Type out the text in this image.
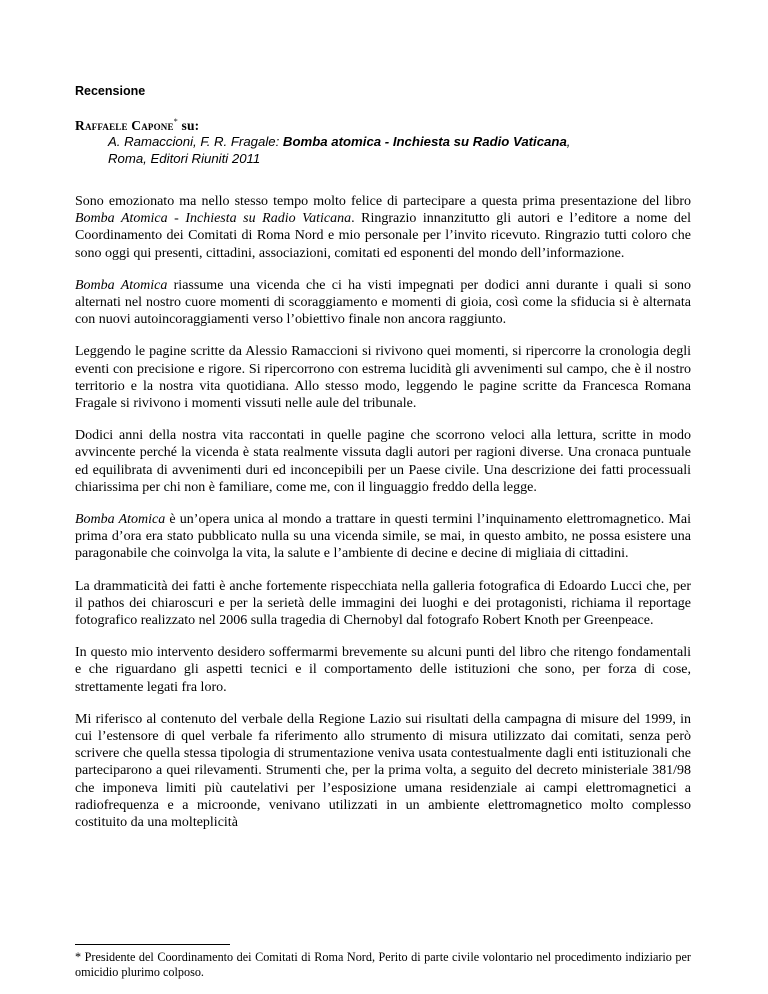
Recensione
Raffaele Capone* su:
A. Ramaccioni, F. R. Fragale: Bomba atomica - Inchiesta su Radio Vaticana,
Roma, Editori Riuniti 2011

Sono emozionato ma nello stesso tempo molto felice di partecipare a questa prima presentazione del libro Bomba Atomica - Inchiesta su Radio Vaticana. Ringrazio innanzitutto gli autori e l’editore a nome del Coordinamento dei Comitati di Roma Nord e mio personale per l’invito ricevuto. Ringrazio tutti coloro che sono oggi qui presenti, cittadini, associazioni, comitati ed esponenti del mondo dell’informazione.

Bomba Atomica riassume una vicenda che ci ha visti impegnati per dodici anni durante i quali si sono alternati nel nostro cuore momenti di scoraggiamento e momenti di gioia, così come la sfiducia si è alternata con nuovi autoincoraggiamenti verso l’obiettivo finale non ancora raggiunto.

Leggendo le pagine scritte da Alessio Ramaccioni si rivivono quei momenti, si ripercorre la cronologia degli eventi con precisione e rigore. Si ripercorrono con estrema lucidità gli avvenimenti sul campo, che è il nostro territorio e la nostra vita quotidiana. Allo stesso modo, leggendo le pagine scritte da Francesca Romana Fragale si rivivono i momenti vissuti nelle aule del tribunale.

Dodici anni della nostra vita raccontati in quelle pagine che scorrono veloci alla lettura, scritte in modo avvincente perché la vicenda è stata realmente vissuta dagli autori per ragioni diverse. Una cronaca puntuale ed equilibrata di avvenimenti duri ed inconcepibili per un Paese civile. Una descrizione dei fatti processuali chiarissima per chi non è familiare, come me, con il linguaggio freddo della legge.

Bomba Atomica è un’opera unica al mondo a trattare in questi termini l’inquinamento elettromagnetico. Mai prima d’ora era stato pubblicato nulla su una vicenda simile, se mai, in questo ambito, ne possa esistere una paragonabile che coinvolga la vita, la salute e l’ambiente di decine e decine di migliaia di cittadini.

La drammaticità dei fatti è anche fortemente rispecchiata nella galleria fotografica di Edoardo Lucci che, per il pathos dei chiaroscuri e per la serietà delle immagini dei luoghi e dei protagonisti, richiama il reportage fotografico realizzato nel 2006 sulla tragedia di Chernobyl dal fotografo Robert Knoth per Greenpeace.

In questo mio intervento desidero soffermarmi brevemente su alcuni punti del libro che ritengo fondamentali e che riguardano gli aspetti tecnici e il comportamento delle istituzioni che sono, per forza di cose, strettamente legati fra loro.

Mi riferisco al contenuto del verbale della Regione Lazio sui risultati della campagna di misure del 1999, in cui l’estensore di quel verbale fa riferimento allo strumento di misura utilizzato dai comitati, senza però scrivere che quella stessa tipologia di strumentazione veniva usata contestualmente dagli enti istituzionali che parteciparono a quei rilevamenti. Strumenti che, per la prima volta, a seguito del decreto ministeriale 381/98 che imponeva limiti più cautelativi per l’esposizione umana residenziale ai campi elettromagnetici a radiofrequenza e a microonde, venivano utilizzati in un ambiente elettromagnetico molto complesso costituito da una molteplicità

* Presidente del Coordinamento dei Comitati di Roma Nord, Perito di parte civile volontario nel procedimento indiziario per omicidio plurimo colposo.
